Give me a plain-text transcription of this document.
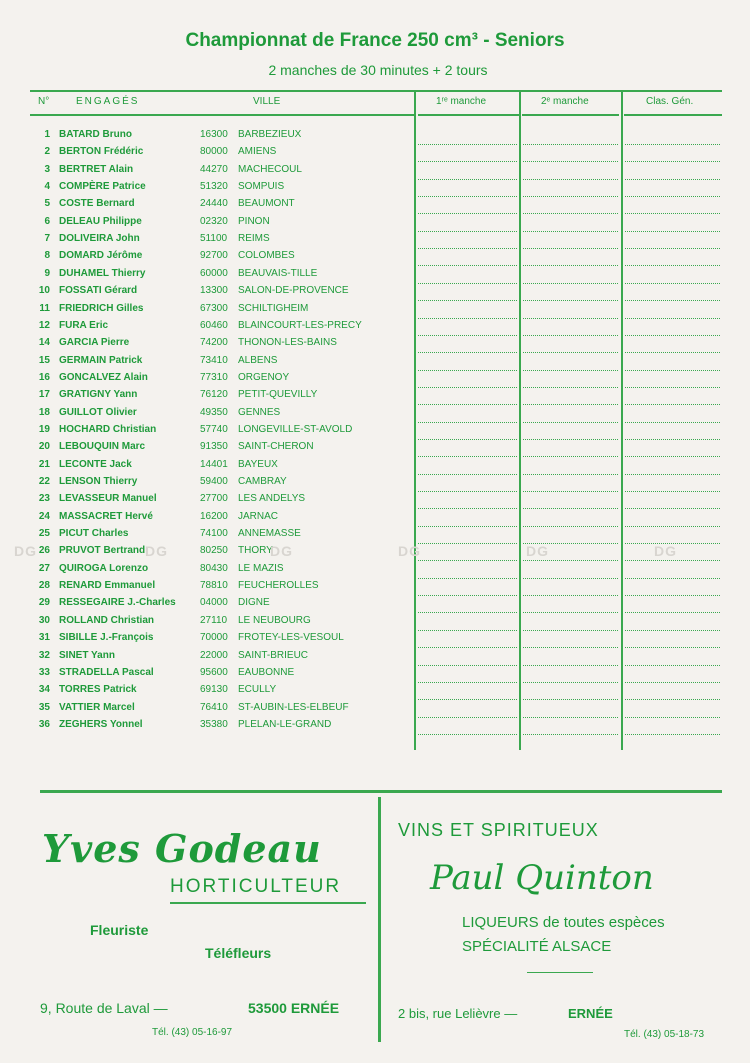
Championnat de France 250 cm³ - Seniors
2 manches de 30 minutes + 2 tours
N°	ENGAGÉS	VILLE	1ʳᵉ manche	2ᵉ manche	Clas. Gén.
1 BATARD Bruno	16300 BARBEZIEUX
2 BERTON Frédéric	80000 AMIENS
3 BERTRET Alain	44270 MACHECOUL
4 COMPÈRE Patrice	51320 SOMPUIS
5 COSTE Bernard	24440 BEAUMONT
6 DELEAU Philippe	02320 PINON
7 DOLIVEIRA John	51100 REIMS
8 DOMARD Jérôme	92700 COLOMBES
9 DUHAMEL Thierry	60000 BEAUVAIS-TILLE
10 FOSSATI Gérard	13300 SALON-DE-PROVENCE
11 FRIEDRICH Gilles	67300 SCHILTIGHEIM
12 FURA Eric	60460 BLAINCOURT-LES-PRECY
14 GARCIA Pierre	74200 THONON-LES-BAINS
15 GERMAIN Patrick	73410 ALBENS
16 GONCALVEZ Alain	77310 ORGENOY
17 GRATIGNY Yann	76120 PETIT-QUEVILLY
18 GUILLOT Olivier	49350 GENNES
19 HOCHARD Christian	57740 LONGEVILLE-ST-AVOLD
20 LEBOUQUIN Marc	91350 SAINT-CHERON
21 LECONTE Jack	14401 BAYEUX
22 LENSON Thierry	59400 CAMBRAY
23 LEVASSEUR Manuel	27700 LES ANDELYS
24 MASSACRET Hervé	16200 JARNAC
25 PICUT Charles	74100 ANNEMASSE
26 PRUVOT Bertrand	80250 THORY
27 QUIROGA Lorenzo	80430 LE MAZIS
28 RENARD Emmanuel	78810 FEUCHEROLLES
29 RESSEGAIRE J.-Charles 04000 DIGNE
30 ROLLAND Christian	27110 LE NEUBOURG
31 SIBILLE J.-François	70000 FROTEY-LES-VESOUL
32 SINET Yann	22000 SAINT-BRIEUC
33 STRADELLA Pascal	95600 EAUBONNE
34 TORRES Patrick	69130 ECULLY
35 VATTIER Marcel	76410 ST-AUBIN-LES-ELBEUF
36 ZEGHERS Yonnel	35380 PLELAN-LE-GRAND
DG	DG	DG	DG	DG	DG
Yves Godeau
HORTICULTEUR
Fleuriste
Téléfleurs
9, Route de Laval —	53500 ERNÉE
Tél. (43) 05-16-97
VINS ET SPIRITUEUX
Paul Quinton
LIQUEURS de toutes espèces
SPÉCIALITÉ ALSACE
2 bis, rue Lelièvre —	ERNÉE
Tél. (43) 05-18-73
